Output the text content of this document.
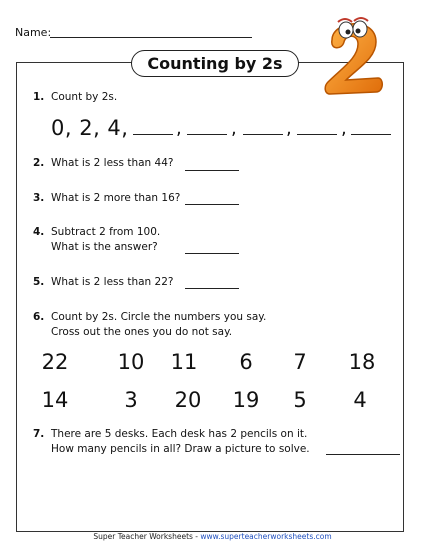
Name:
Counting by 2s
1. Count by 2s.
0, 2, 4,	,	,	,	,
2. What is 2 less than 44?
3. What is 2 more than 16?
4. Subtract 2 from 100.
What is the answer?
5. What is 2 less than 22?
6. Count by 2s. Circle the numbers you say.
Cross out the ones you do not say.
22	10	11	6	7	18
14	3	20	19	5	4
7. There are 5 desks. Each desk has 2 pencils on it.
How many pencils in all? Draw a picture to solve.
Super Teacher Worksheets - www.superteacherworksheets.com
